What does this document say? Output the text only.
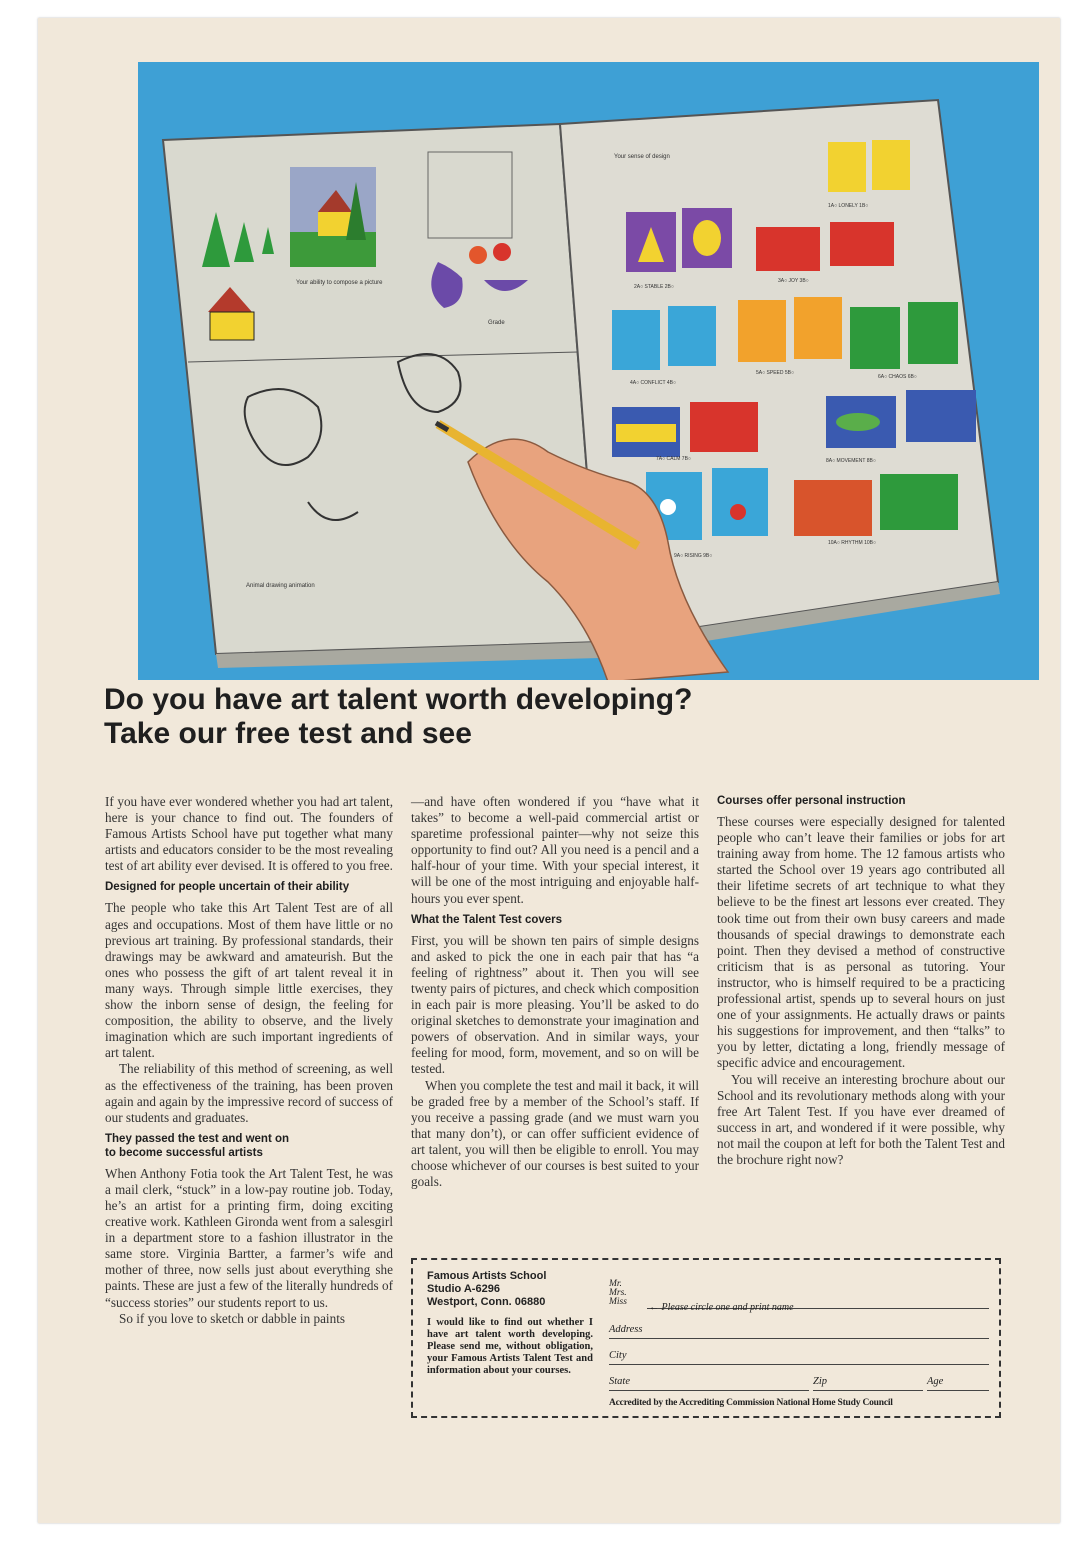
Your ability to compose a picture
Your sense of design
Grade
Animal drawing animation
1A○ LONELY 1B○
2A○ STABLE 2B○
3A○ JOY 3B○
4A○ CONFLICT 4B○
5A○ SPEED 5B○
6A○ CHAOS 6B○
7A○ CALM 7B○	8A○ MOVEMENT 8B○
9A○ RISING 9B○
10A○ RHYTHM 10B○
Do you have art talent worth developing?
Take our free test and see

If you have ever wondered whether you had art talent, here is your chance to find out. The founders of Famous Artists School have put together what many artists and educators consider to be the most revealing test of art ability ever devised. It is offered to you free.

Designed for people uncertain of their ability

The people who take this Art Talent Test are of all ages and occupations. Most of them have little or no previous art training. By professional standards, their drawings may be awkward and amateurish. But the ones who possess the gift of art talent reveal it in many ways. Through simple little exercises, they show the inborn sense of design, the feeling for composition, the ability to observe, and the lively imagination which are such important ingredients of art talent.

The reliability of this method of screening, as well as the effectiveness of the training, has been proven again and again by the impressive record of success of our students and graduates.

They passed the test and went on
to become successful artists

When Anthony Fotia took the Art Talent Test, he was a mail clerk, “stuck” in a low-pay routine job. Today, he’s an artist for a printing firm, doing exciting creative work. Kathleen Gironda went from a salesgirl in a department store to a fashion illustrator in the same store. Virginia Bartter, a farmer’s wife and mother of three, now sells just about everything she paints. These are just a few of the literally hundreds of “success stories” our students report to us.

So if you love to sketch or dabble in paints

—and have often wondered if you “have what it takes” to become a well-paid commercial artist or sparetime professional painter—why not seize this opportunity to find out? All you need is a pencil and a half-hour of your time. With your special interest, it will be one of the most intriguing and enjoyable half-hours you ever spent.

What the Talent Test covers

First, you will be shown ten pairs of simple designs and asked to pick the one in each pair that has “a feeling of rightness” about it. Then you will see twenty pairs of pictures, and check which composition in each pair is more pleasing. You’ll be asked to do original sketches to demonstrate your imagination and powers of observation. And in similar ways, your feeling for mood, form, movement, and so on will be tested.

When you complete the test and mail it back, it will be graded free by a member of the School’s staff. If you receive a passing grade (and we must warn you that many don’t), or can offer sufficient evidence of art talent, you will then be eligible to enroll. You may choose whichever of our courses is best suited to your goals.

Courses offer personal instruction

These courses were especially designed for talented people who can’t leave their families or jobs for art training away from home. The 12 famous artists who started the School over 19 years ago contributed all their lifetime secrets of art technique to what they believe to be the finest art lessons ever created. They took time out from their own busy careers and made thousands of special drawings to demonstrate each point. Then they devised a method of constructive criticism that is as personal as tutoring. Your instructor, who is himself required to be a practicing professional artist, spends up to several hours on just one of your assignments. He actually draws or paints his suggestions for improvement, and then “talks” to you by letter, dictating a long, friendly message of specific advice and encouragement.

You will receive an interesting brochure about our School and its revolutionary methods along with your free Art Talent Test. If you have ever dreamed of success in art, and wondered if it were possible, why not mail the coupon at left for both the Talent Test and the brochure right now?

Famous Artists School
Studio A-6296
Westport, Conn. 06880
I would like to find out whether I have art talent worth developing. Please send me, without obligation, your Famous Artists Talent Test and information about your courses.
Mr.
Mrs.
Miss ← Please circle one and print name
Address
City
State	Zip	Age
Accredited by the Accrediting Commission National Home Study Council
